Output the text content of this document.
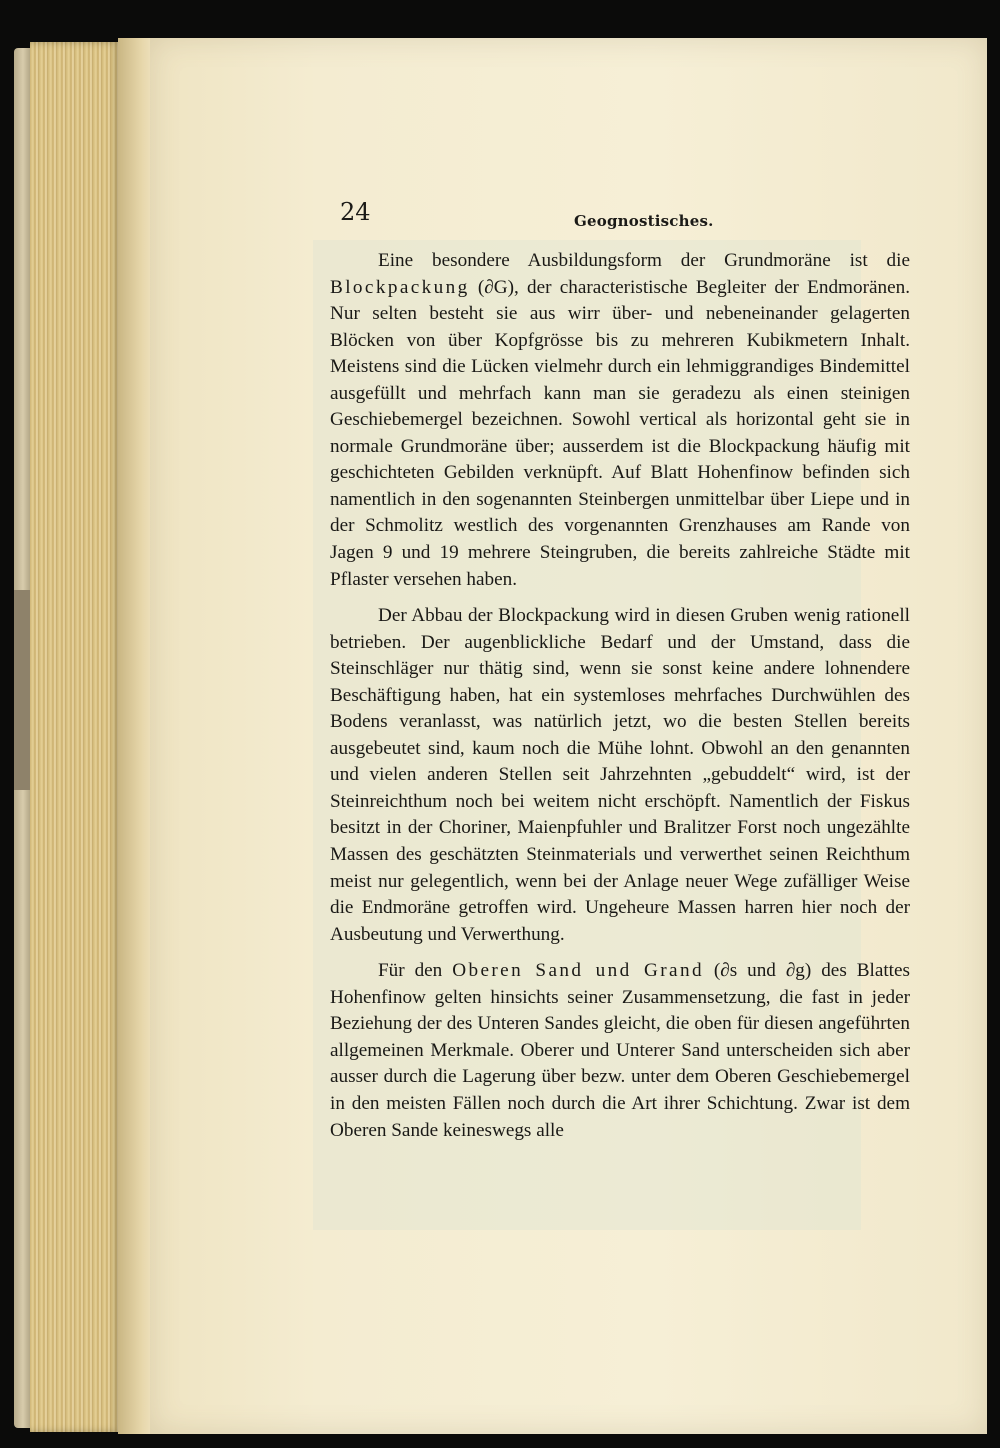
24	Geognostisches.

Eine besondere Ausbildungsform der Grundmoräne ist die Blockpackung (∂G), der characteristische Begleiter der Endmoränen. Nur selten besteht sie aus wirr über- und nebeneinander gelagerten Blöcken von über Kopfgrösse bis zu mehreren Kubikmetern Inhalt. Meistens sind die Lücken vielmehr durch ein lehmiggrandiges Bindemittel ausgefüllt und mehrfach kann man sie geradezu als einen steinigen Geschiebemergel bezeichnen. Sowohl vertical als horizontal geht sie in normale Grundmoräne über; ausserdem ist die Blockpackung häufig mit geschichteten Gebilden verknüpft. Auf Blatt Hohenfinow befinden sich namentlich in den sogenannten Steinbergen unmittelbar über Liepe und in der Schmolitz westlich des vorgenannten Grenzhauses am Rande von Jagen 9 und 19 mehrere Steingruben, die bereits zahlreiche Städte mit Pflaster versehen haben.

Der Abbau der Blockpackung wird in diesen Gruben wenig rationell betrieben. Der augenblickliche Bedarf und der Umstand, dass die Steinschläger nur thätig sind, wenn sie sonst keine andere lohnendere Beschäftigung haben, hat ein systemloses mehrfaches Durchwühlen des Bodens veranlasst, was natürlich jetzt, wo die besten Stellen bereits ausgebeutet sind, kaum noch die Mühe lohnt. Obwohl an den genannten und vielen anderen Stellen seit Jahrzehnten „gebuddelt“ wird, ist der Steinreichthum noch bei weitem nicht erschöpft. Namentlich der Fiskus besitzt in der Choriner, Maienpfuhler und Bralitzer Forst noch ungezählte Massen des geschätzten Steinmaterials und verwerthet seinen Reichthum meist nur gelegentlich, wenn bei der Anlage neuer Wege zufälliger Weise die Endmoräne getroffen wird. Ungeheure Massen harren hier noch der Ausbeutung und Verwerthung.

Für den Oberen Sand und Grand (∂s und ∂g) des Blattes Hohenfinow gelten hinsichts seiner Zusammensetzung, die fast in jeder Beziehung der des Unteren Sandes gleicht, die oben für diesen angeführten allgemeinen Merkmale. Oberer und Unterer Sand unterscheiden sich aber ausser durch die Lagerung über bezw. unter dem Oberen Geschiebemergel in den meisten Fällen noch durch die Art ihrer Schichtung. Zwar ist dem Oberen Sande keineswegs alle
